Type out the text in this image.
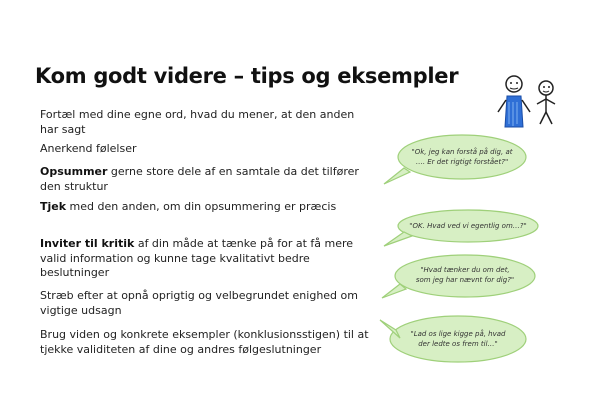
Kom godt videre – tips og eksempler
Fortæl med dine egne ord, hvad du mener, at den anden har sagt
Anerkend følelser
Opsummer gerne store dele af en samtale da det tilfører den struktur
Tjek med den anden, om din opsummering er præcis
Inviter til kritik af din måde at tænke på for at få mere valid information og kunne tage kvalitativt bedre beslutninger
Stræb efter at opnå oprigtig og velbegrundet enighed om vigtige udsagn
Brug viden og konkrete eksempler (konklusionsstigen) til at tjekke validiteten af dine og andres følgeslutninger
"Ok, jeg kan forstå på dig, at
…. Er det rigtigt forstået?"
"OK. Hvad ved vi egentlig om…?"
"Hvad tænker du om det,
som jeg har nævnt for dig?"
"Lad os lige kigge på, hvad
der ledte os frem til…"
